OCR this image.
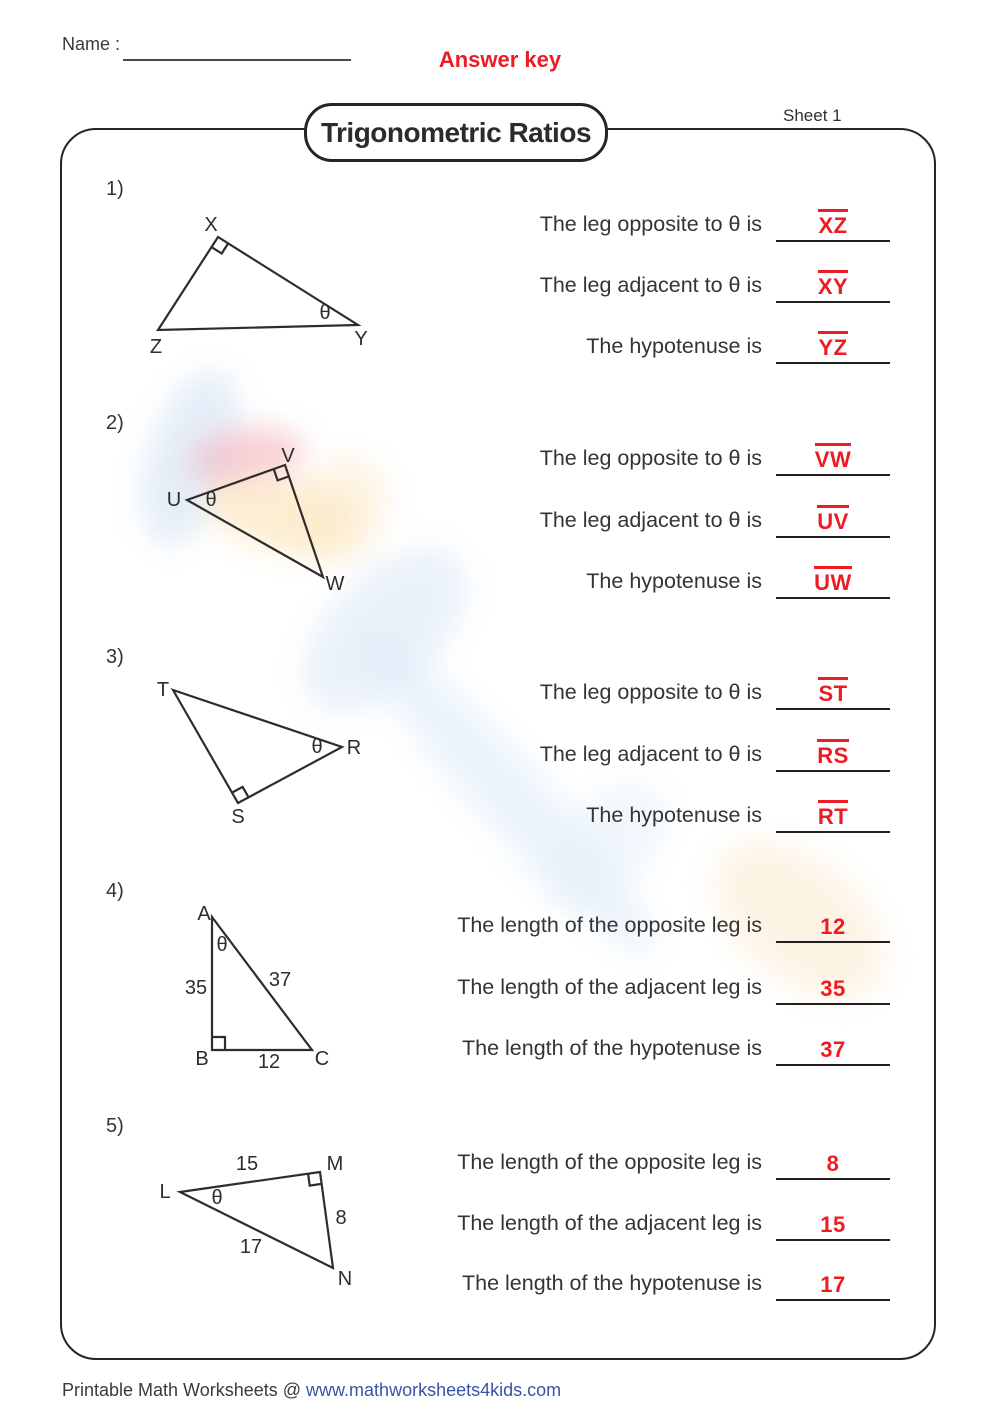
Name :
Answer key
Sheet 1
Trigonometric Ratios
1)
X
Z	Y
θ
The leg opposite to θ is	XZ
The leg adjacent to θ is	XY
The hypotenuse is	YZ
2)
V
U
W
θ
The leg opposite to θ is VW
The leg adjacent to θ is	UV
The hypotenuse is UW
3)
T
R
S
θ
The leg opposite to θ is	ST
The leg adjacent to θ is	RS
The hypotenuse is	RT
4)
A
B	C
θ
35	37
12
The length of the opposite leg is	12
The length of the adjacent leg is	35
The length of the hypotenuse is	37
5)
L
M
N
θ
15
8
17
The length of the opposite leg is	8
The length of the adjacent leg is	15
The length of the hypotenuse is	17
Printable Math Worksheets @ www.mathworksheets4kids.com
